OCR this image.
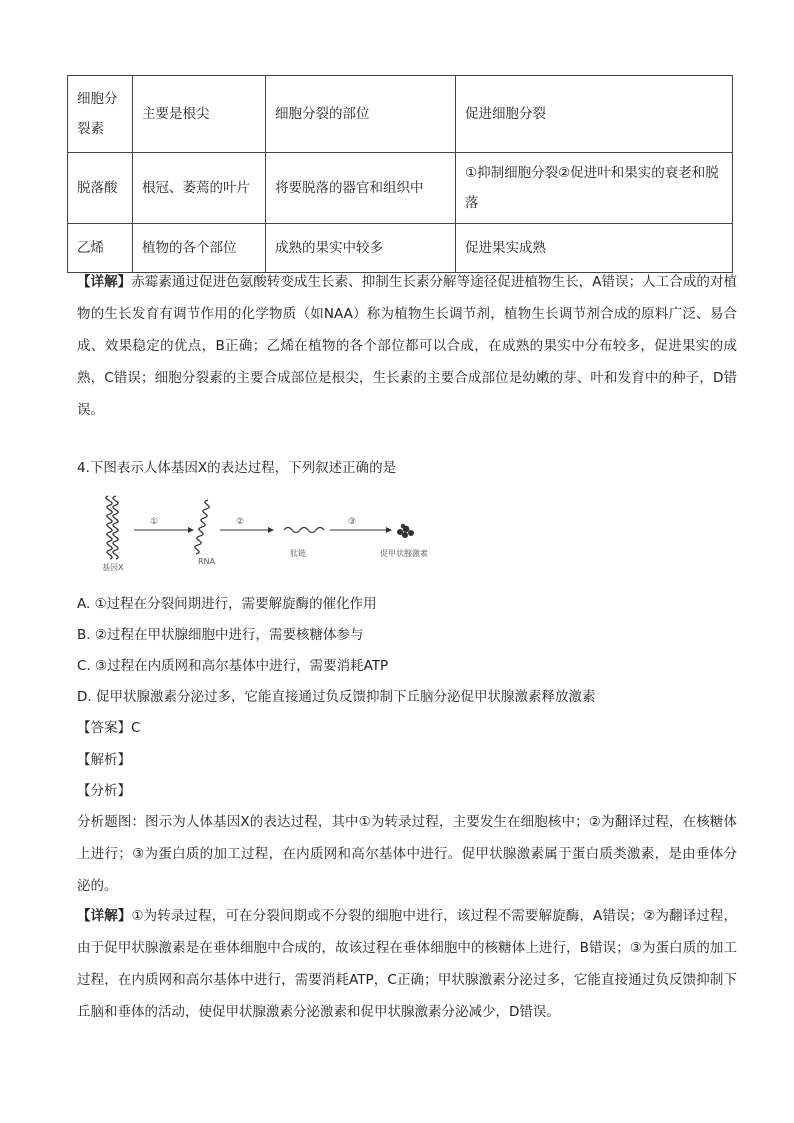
细胞分裂素	主要是根尖	细胞分裂的部位	促进细胞分裂
脱落酸	根冠、萎蔫的叶片	将要脱落的器官和组织中	①抑制细胞分裂②促进叶和果实的衰老和脱落
乙烯	植物的各个部位	成熟的果实中较多	促进果实成熟
【详解】赤霉素通过促进色氨酸转变成生长素、抑制生长素分解等途径促进植物生长，A错误；人工合成的对植物的生长发育有调节作用的化学物质（如NAA）称为植物生长调节剂，植物生长调节剂合成的原料广泛、易合成、效果稳定的优点，B正确；乙烯在植物的各个部位都可以合成，在成熟的果实中分布较多，促进果实的成熟，C错误；细胞分裂素的主要合成部位是根尖，生长素的主要合成部位是幼嫩的芽、叶和发育中的种子，D错误。
4.下图表示人体基因X的表达过程，下列叙述正确的是
基因X
①
RNA
②
肽链
③
促甲状腺激素
A. ①过程在分裂间期进行，需要解旋酶的催化作用
B. ②过程在甲状腺细胞中进行，需要核糖体参与
C. ③过程在内质网和高尔基体中进行，需要消耗ATP
D. 促甲状腺激素分泌过多，它能直接通过负反馈抑制下丘脑分泌促甲状腺激素释放激素
【答案】C
【解析】
【分析】
分析题图：图示为人体基因X的表达过程，其中①为转录过程，主要发生在细胞核中；②为翻译过程，在核糖体上进行；③为蛋白质的加工过程，在内质网和高尔基体中进行。促甲状腺激素属于蛋白质类激素，是由垂体分泌的。
【详解】①为转录过程，可在分裂间期或不分裂的细胞中进行，该过程不需要解旋酶，A错误；②为翻译过程，由于促甲状腺激素是在垂体细胞中合成的，故该过程在垂体细胞中的核糖体上进行，B错误；③为蛋白质的加工过程，在内质网和高尔基体中进行，需要消耗ATP，C正确；甲状腺激素分泌过多，它能直接通过负反馈抑制下丘脑和垂体的活动，使促甲状腺激素分泌激素和促甲状腺激素分泌减少，D错误。
